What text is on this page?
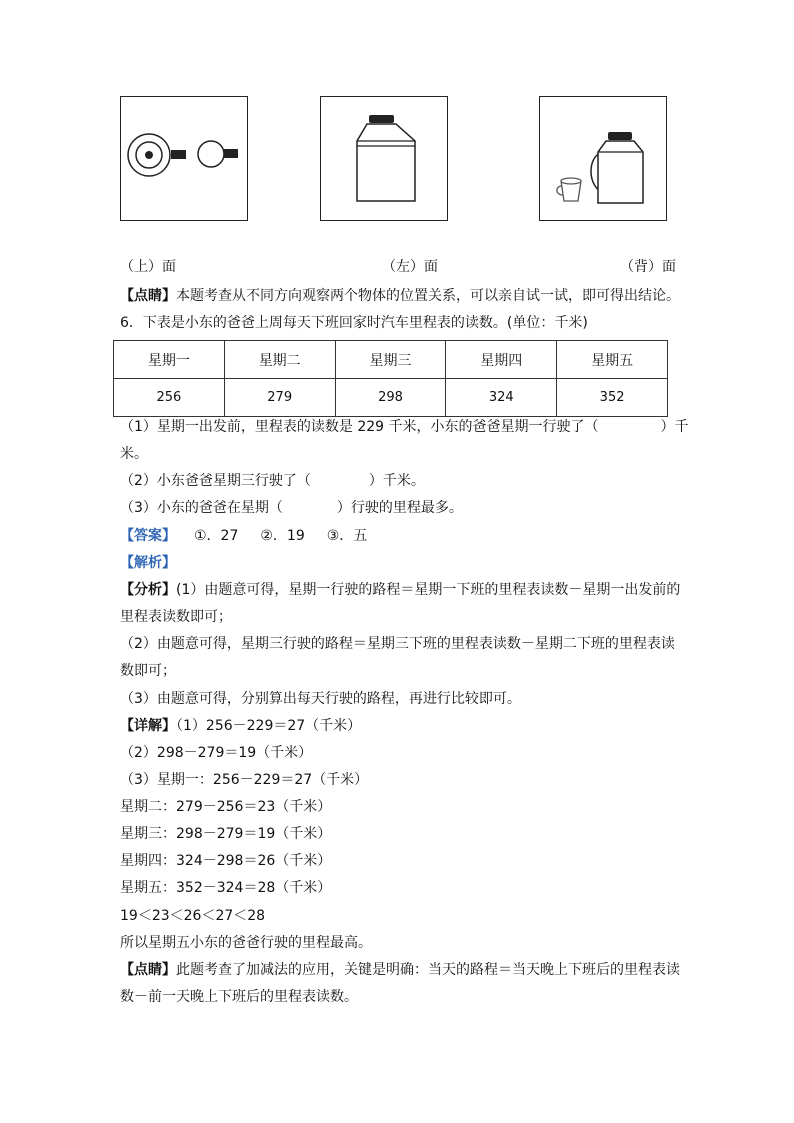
（上）面	（左）面	（背）面
【点睛】本题考查从不同方向观察两个物体的位置关系，可以亲自试一试，即可得出结论。
6．下表是小东的爸爸上周每天下班回家时汽车里程表的读数。(单位：千米)
星期一	星期二	星期三	星期四	星期五
256	279	298	324	352
（1）星期一出发前，里程表的读数是 229 千米，小东的爸爸星期一行驶了（	）千
米。
（2）小东爸爸星期三行驶了（	）千米。
（3）小东的爸爸在星期（	）行驶的里程最多。
【答案】 ①．27 ②．19 ③．五
【解析】
【分析】(1）由题意可得，星期一行驶的路程＝星期一下班的里程表读数－星期一出发前的
里程表读数即可；
（2）由题意可得，星期三行驶的路程＝星期三下班的里程表读数－星期二下班的里程表读
数即可；
（3）由题意可得，分别算出每天行驶的路程，再进行比较即可。
【详解】（1）256－229＝27（千米）
（2）298－279＝19（千米）
（3）星期一：256－229＝27（千米）
星期二：279－256＝23（千米）
星期三：298－279＝19（千米）
星期四：324－298＝26（千米）
星期五：352－324＝28（千米）
19＜23＜26＜27＜28
所以星期五小东的爸爸行驶的里程最高。
【点睛】此题考查了加减法的应用，关键是明确：当天的路程＝当天晚上下班后的里程表读
数－前一天晚上下班后的里程表读数。
